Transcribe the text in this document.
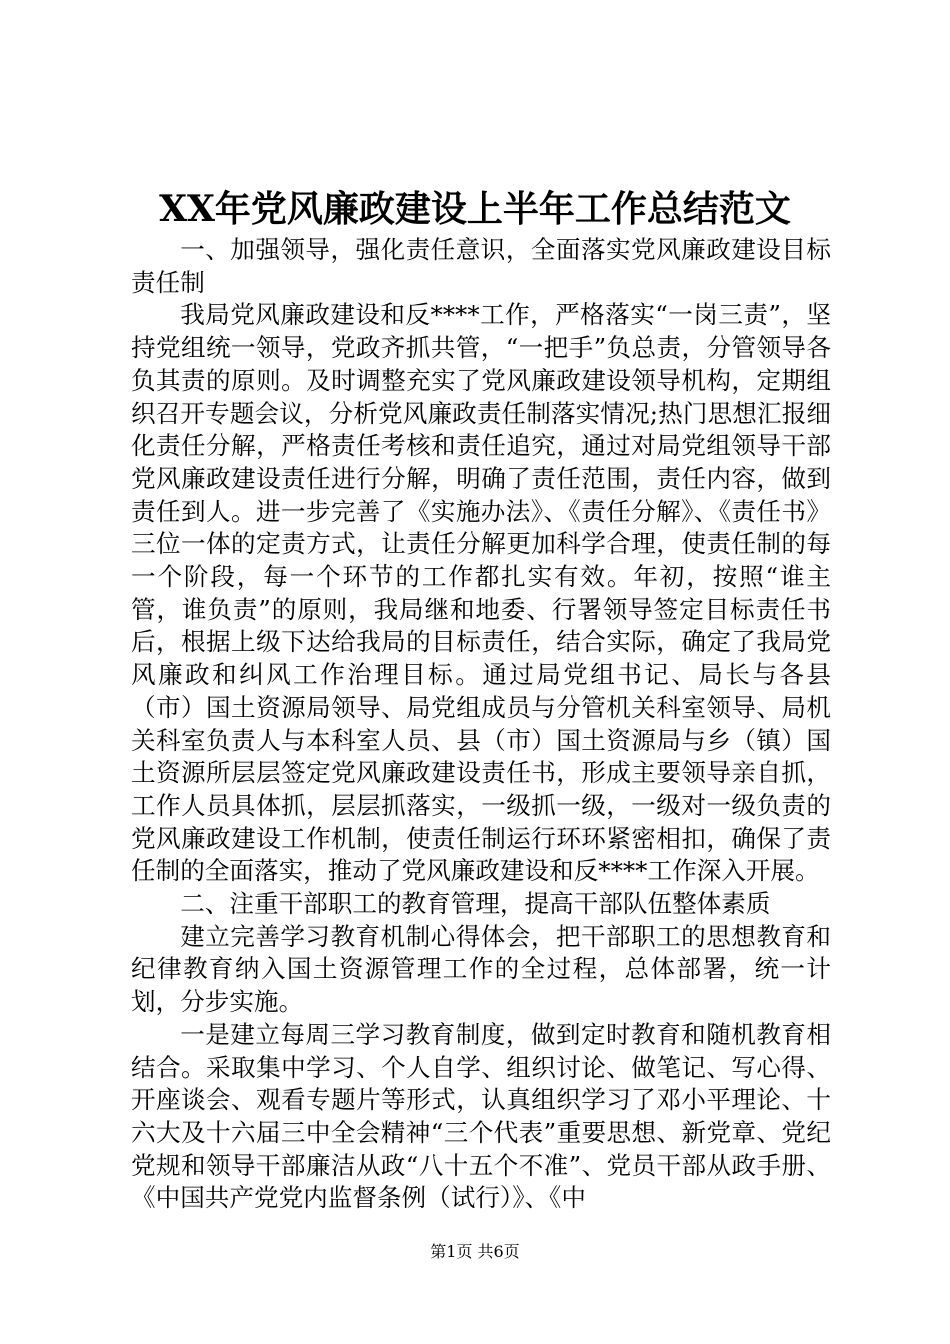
XX年党风廉政建设上半年工作总结范文

一、加强领导，强化责任意识，全面落实党风廉政建设目标责任制

我局党风廉政建设和反****工作，严格落实“一岗三责”，坚持党组统一领导，党政齐抓共管，“一把手”负总责，分管领导各负其责的原则。及时调整充实了党风廉政建设领导机构，定期组织召开专题会议，分析党风廉政责任制落实情况;热门思想汇报细化责任分解，严格责任考核和责任追究，通过对局党组领导干部党风廉政建设责任进行分解，明确了责任范围，责任内容，做到责任到人。进一步完善了《实施办法》、《责任分解》、《责任书》三位一体的定责方式，让责任分解更加科学合理，使责任制的每一个阶段，每一个环节的工作都扎实有效。年初，按照“谁主管，谁负责”的原则，我局继和地委、行署领导签定目标责任书后，根据上级下达给我局的目标责任，结合实际，确定了我局党风廉政和纠风工作治理目标。通过局党组书记、局长与各县（市）国土资源局领导、局党组成员与分管机关科室领导、局机关科室负责人与本科室人员、县（市）国土资源局与乡（镇）国土资源所层层签定党风廉政建设责任书，形成主要领导亲自抓，工作人员具体抓，层层抓落实，一级抓一级，一级对一级负责的党风廉政建设工作机制，使责任制运行环环紧密相扣，确保了责任制的全面落实，推动了党风廉政建设和反****工作深入开展。

二、注重干部职工的教育管理，提高干部队伍整体素质

建立完善学习教育机制心得体会，把干部职工的思想教育和纪律教育纳入国土资源管理工作的全过程，总体部署，统一计划，分步实施。

一是建立每周三学习教育制度，做到定时教育和随机教育相结合。采取集中学习、个人自学、组织讨论、做笔记、写心得、开座谈会、观看专题片等形式，认真组织学习了邓小平理论、十六大及十六届三中全会精神“三个代表”重要思想、新党章、党纪党规和领导干部廉洁从政“八十五个不准”、党员干部从政手册、《中国共产党党内监督条例（试行）》、《中

第1页 共6页
